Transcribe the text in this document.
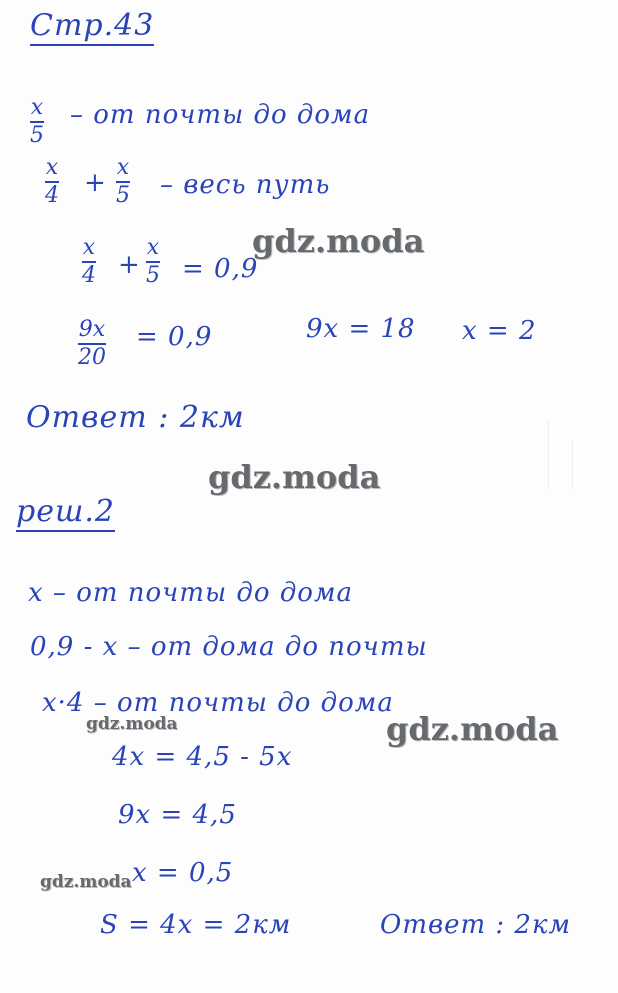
Стр.43
x
5
– от почты до дома
x
4 +
x
5 – весь путь
x
4 +
x
5 = 0,9
9x
20
= 0,9	9x = 18 x = 2
Ответ : 2км
реш.2
x – от почты до дома
0,9 - x – от дома до почты
x·4 – от почты до дома
4x = 4,5 - 5x
9x = 4,5
x = 0,5
S = 4x = 2км	Ответ : 2км
gdz.moda
gdz.moda
gdz.moda	gdz.moda
gdz.moda
